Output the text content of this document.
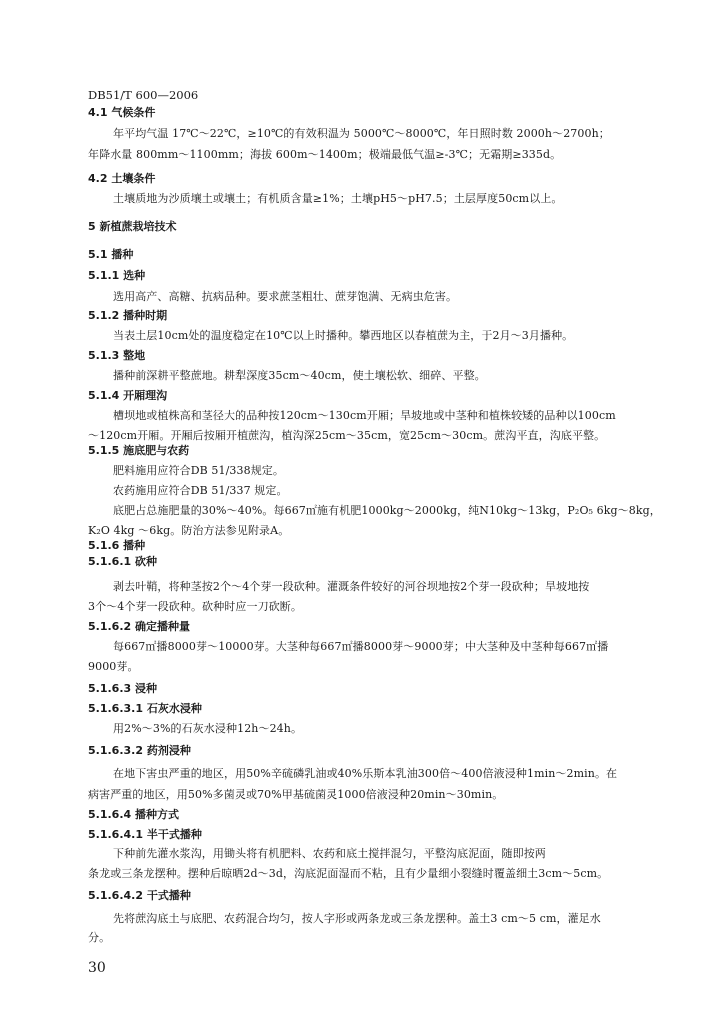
DB51/T 600—2006
4.1 气候条件
年平均气温 17℃～22℃，≥10℃的有效积温为 5000℃～8000℃，年日照时数 2000h～2700h；
年降水量 800mm～1100mm；海拔 600m～1400m；极端最低气温≥-3℃；无霜期≥335d。
4.2 土壤条件
土壤质地为沙质壤土或壤土；有机质含量≥1%；土壤pH5～pH7.5；土层厚度50cm以上。
5 新植蔗栽培技术
5.1 播种
5.1.1 选种
选用高产、高糖、抗病品种。要求蔗茎粗壮、蔗芽饱满、无病虫危害。
5.1.2 播种时期
当表土层10cm处的温度稳定在10℃以上时播种。攀西地区以春植蔗为主，于2月～3月播种。
5.1.3 整地
播种前深耕平整蔗地。耕犁深度35cm～40cm，使土壤松软、细碎、平整。
5.1.4 开厢理沟
槽坝地或植株高和茎径大的品种按120cm～130cm开厢；旱坡地或中茎种和植株较矮的品种以100cm
～120cm开厢。开厢后按厢开植蔗沟，植沟深25cm～35cm，宽25cm～30cm。蔗沟平直，沟底平整。
5.1.5 施底肥与农药
肥料施用应符合DB 51/338规定。
农药施用应符合DB 51/337 规定。
底肥占总施肥量的30%～40%。每667㎡施有机肥1000kg～2000kg，纯N10kg～13kg，P₂O₅ 6kg～8kg，
K₂O 4kg ～6kg。防治方法参见附录A。
5.1.6 播种
5.1.6.1 砍种
剥去叶鞘，将种茎按2个～4个芽一段砍种。灌溉条件较好的河谷坝地按2个芽一段砍种；旱坡地按
3个～4个芽一段砍种。砍种时应一刀砍断。
5.1.6.2 确定播种量
每667㎡播8000芽～10000芽。大茎种每667㎡播8000芽～9000芽；中大茎种及中茎种每667㎡播
9000芽。
5.1.6.3 浸种
5.1.6.3.1 石灰水浸种
用2%～3%的石灰水浸种12h～24h。
5.1.6.3.2 药剂浸种
在地下害虫严重的地区，用50%辛硫磷乳油或40%乐斯本乳油300倍～400倍液浸种1min～2min。在
病害严重的地区，用50%多菌灵或70%甲基硫菌灵1000倍液浸种20min～30min。
5.1.6.4 播种方式
5.1.6.4.1 半干式播种
下种前先灌水浆沟，用锄头将有机肥料、农药和底土搅拌混匀，平整沟底泥面，随即按两
条龙或三条龙摆种。摆种后晾晒2d～3d，沟底泥面湿而不粘，且有少量细小裂缝时覆盖细土3cm～5cm。
5.1.6.4.2 干式播种
先将蔗沟底土与底肥、农药混合均匀，按人字形或两条龙或三条龙摆种。盖土3 cm～5 cm，灌足水
分。
30
